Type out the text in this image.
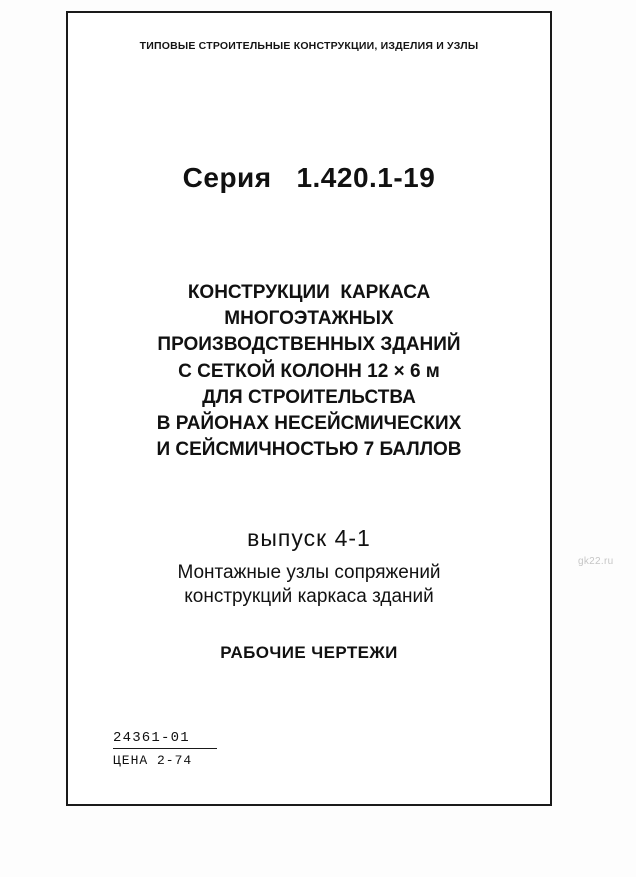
ТИПОВЫЕ СТРОИТЕЛЬНЫЕ КОНСТРУКЦИИ, ИЗДЕЛИЯ И УЗЛЫ
Серия   1.420.1-19
КОНСТРУКЦИИ  КАРКАСА
МНОГОЭТАЖНЫХ
ПРОИЗВОДСТВЕННЫХ ЗДАНИЙ
С СЕТКОЙ КОЛОНН 12 × 6 м
ДЛЯ СТРОИТЕЛЬСТВА
В РАЙОНАХ НЕСЕЙСМИЧЕСКИХ
И СЕЙСМИЧНОСТЬЮ 7 БАЛЛОВ
выпуск 4-1
Монтажные узлы сопряжений
конструкций каркаса зданий
РАБОЧИЕ ЧЕРТЕЖИ
24361-01
ЦЕНА 2-74
gk22.ru
